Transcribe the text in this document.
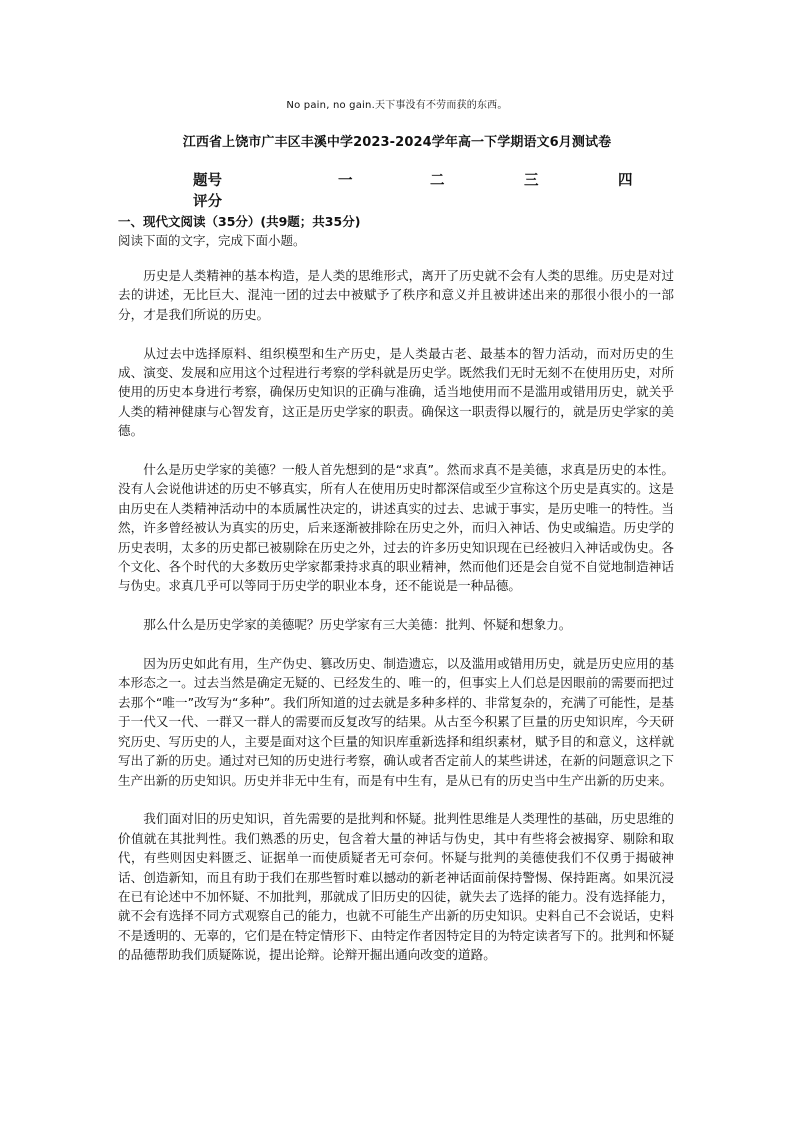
No pain, no gain.天下事没有不劳而获的东西。
江西省上饶市广丰区丰溪中学2023-2024学年高一下学期语文6月测试卷
题号	一	二	三	四
评分
一、现代文阅读（35分）(共9题；共35分)
阅读下面的文字，完成下面小题。

历史是人类精神的基本构造，是人类的思维形式，离开了历史就不会有人类的思维。历史是对过去的讲述，无比巨大、混沌一团的过去中被赋予了秩序和意义并且被讲述出来的那很小很小的一部分，才是我们所说的历史。

从过去中选择原料、组织模型和生产历史，是人类最古老、最基本的智力活动，而对历史的生成、演变、发展和应用这个过程进行考察的学科就是历史学。既然我们无时无刻不在使用历史，对所使用的历史本身进行考察，确保历史知识的正确与准确，适当地使用而不是滥用或错用历史，就关乎人类的精神健康与心智发育，这正是历史学家的职责。确保这一职责得以履行的，就是历史学家的美德。

什么是历史学家的美德？一般人首先想到的是“求真”。然而求真不是美德，求真是历史的本性。没有人会说他讲述的历史不够真实，所有人在使用历史时都深信或至少宣称这个历史是真实的。这是由历史在人类精神活动中的本质属性决定的，讲述真实的过去、忠诚于事实，是历史唯一的特性。当然，许多曾经被认为真实的历史，后来逐渐被排除在历史之外，而归入神话、伪史或编造。历史学的历史表明，太多的历史都已被剔除在历史之外，过去的许多历史知识现在已经被归入神话或伪史。各个文化、各个时代的大多数历史学家都秉持求真的职业精神，然而他们还是会自觉不自觉地制造神话与伪史。求真几乎可以等同于历史学的职业本身，还不能说是一种品德。

那么什么是历史学家的美德呢？历史学家有三大美德：批判、怀疑和想象力。

因为历史如此有用，生产伪史、篡改历史、制造遗忘，以及滥用或错用历史，就是历史应用的基本形态之一。过去当然是确定无疑的、已经发生的、唯一的，但事实上人们总是因眼前的需要而把过去那个“唯一”改写为“多种”。我们所知道的过去就是多种多样的、非常复杂的，充满了可能性，是基于一代又一代、一群又一群人的需要而反复改写的结果。从古至今积累了巨量的历史知识库，今天研究历史、写历史的人，主要是面对这个巨量的知识库重新选择和组织素材，赋予目的和意义，这样就写出了新的历史。通过对已知的历史进行考察，确认或者否定前人的某些讲述，在新的问题意识之下生产出新的历史知识。历史并非无中生有，而是有中生有，是从已有的历史当中生产出新的历史来。

我们面对旧的历史知识，首先需要的是批判和怀疑。批判性思维是人类理性的基础，历史思维的价值就在其批判性。我们熟悉的历史，包含着大量的神话与伪史，其中有些将会被揭穿、剔除和取代，有些则因史料匮乏、证据单一而使质疑者无可奈何。怀疑与批判的美德使我们不仅勇于揭破神话、创造新知，而且有助于我们在那些暂时难以撼动的新老神话面前保持警惕、保持距离。如果沉浸在已有论述中不加怀疑、不加批判，那就成了旧历史的囚徒，就失去了选择的能力。没有选择能力，就不会有选择不同方式观察自己的能力，也就不可能生产出新的历史知识。史料自己不会说话，史料不是透明的、无辜的，它们是在特定情形下、由特定作者因特定目的为特定读者写下的。批判和怀疑的品德帮助我们质疑陈说，提出论辩。论辩开掘出通向改变的道路。
